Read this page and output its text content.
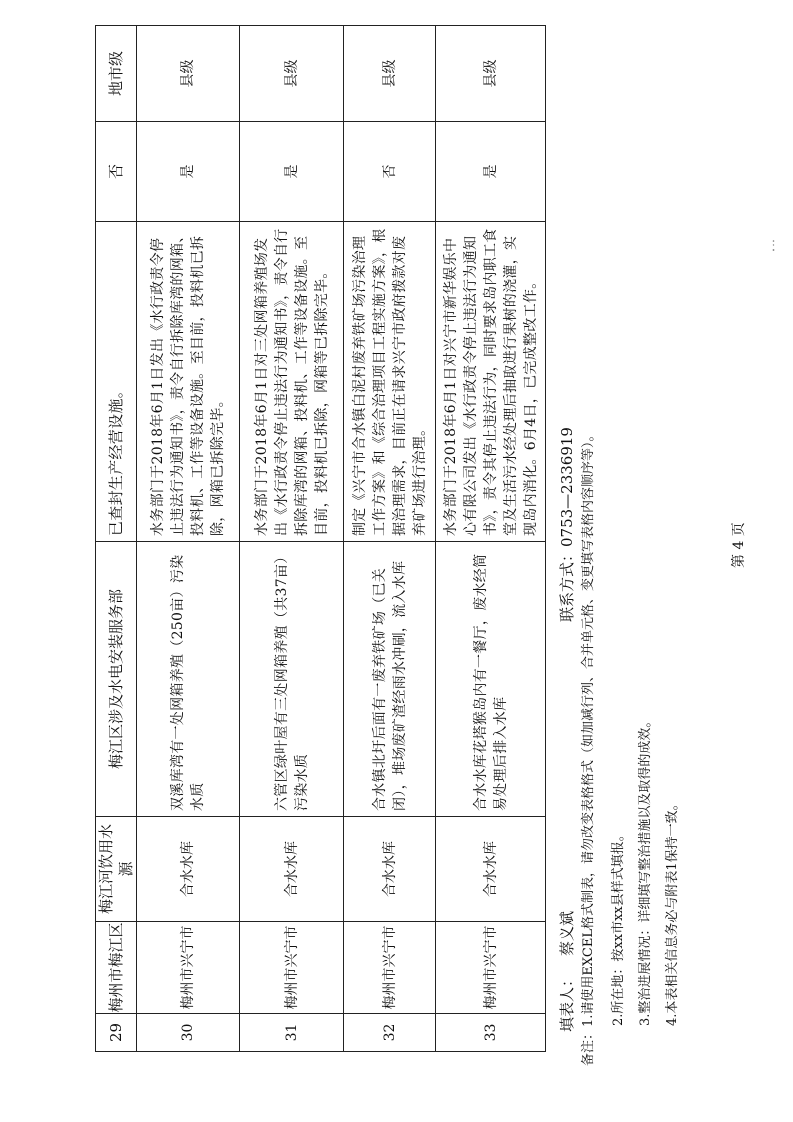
29	梅州市梅江区	梅江河饮用水源	梅江区涉及水电安装服务部	已查封生产经营设施。	否	地市级
30	梅州市兴宁市	合水水库	双溪库湾有一处网箱养殖（250亩）污染水质	水务部门于2018年6月1日发出《水行政责令停止违法行为通知书》，责令自行拆除库湾的网箱、投料机、工作等设备设施。至目前，投料机已拆除，网箱已拆除完毕。	是	县级
31	梅州市兴宁市	合水水库	六管区绿叶屋有三处网箱养殖（共37亩）污染水质	水务部门于2018年6月1日对三处网箱养殖场发出《水行政责令停止违法行为通知书》，责令自行拆除库湾的网箱、投料机、工作等设备设施。至目前，投料机已拆除，网箱等已拆除完毕。	是	县级
32	梅州市兴宁市	合水水库	合水镇北圩后面有一废弃铁矿场（已关闭），堆场废矿渣经雨水冲刷，流入水库	制定《兴宁市合水镇白泥村废弃铁矿场污染治理工作方案》和《综合治理项目工程实施方案》，根据治理需求，目前正在请求兴宁市政府拨款对废弃矿场进行治理。	否	县级
33	梅州市兴宁市	合水水库	合水水库花塔猴岛内有一餐厅，废水经简易处理后排入水库	水务部门于2018年6月1日对兴宁市新华娱乐中心有限公司发出《水行政责令停止违法行为通知书》，责令其停止违法行为，同时要求岛内职工食堂及生活污水经处理后抽取进行果树的浇灌，实现岛内消化。6月4日，已完成整改工作。	是	县级
填表人：蔡义斌
联系方式：0753—2336919 备注：1.请使用EXCEL格式制表，请勿改变表格格式（如加减行列、合并单元格、变更填写表格内容顺序等）。 2.所在地：按xx市xx县样式填报。 3.整治进展情况：详细填写整治措施以及取得的成效。 4.本表相关信息务必与附表1保持一致。
第 4 页
